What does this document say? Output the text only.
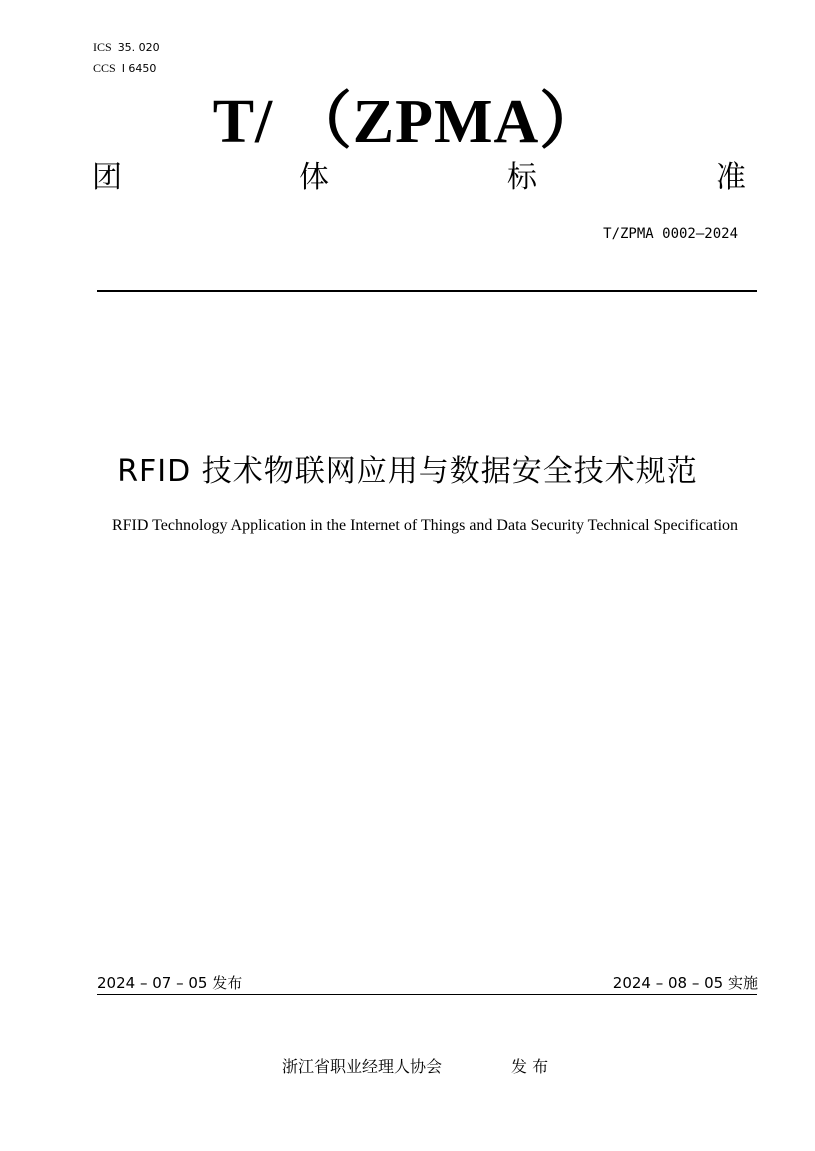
ICS 35. 020
CCS I 6450
T/ （ZPMA）
团	体	标	准
T/ZPMA 0002—2024
RFID 技术物联网应用与数据安全技术规范
RFID Technology Application in the Internet of Things and Data Security Technical Specification
2024 – 07 – 05 发布	2024 – 08 – 05 实施
浙江省职业经理人协会	发 布
